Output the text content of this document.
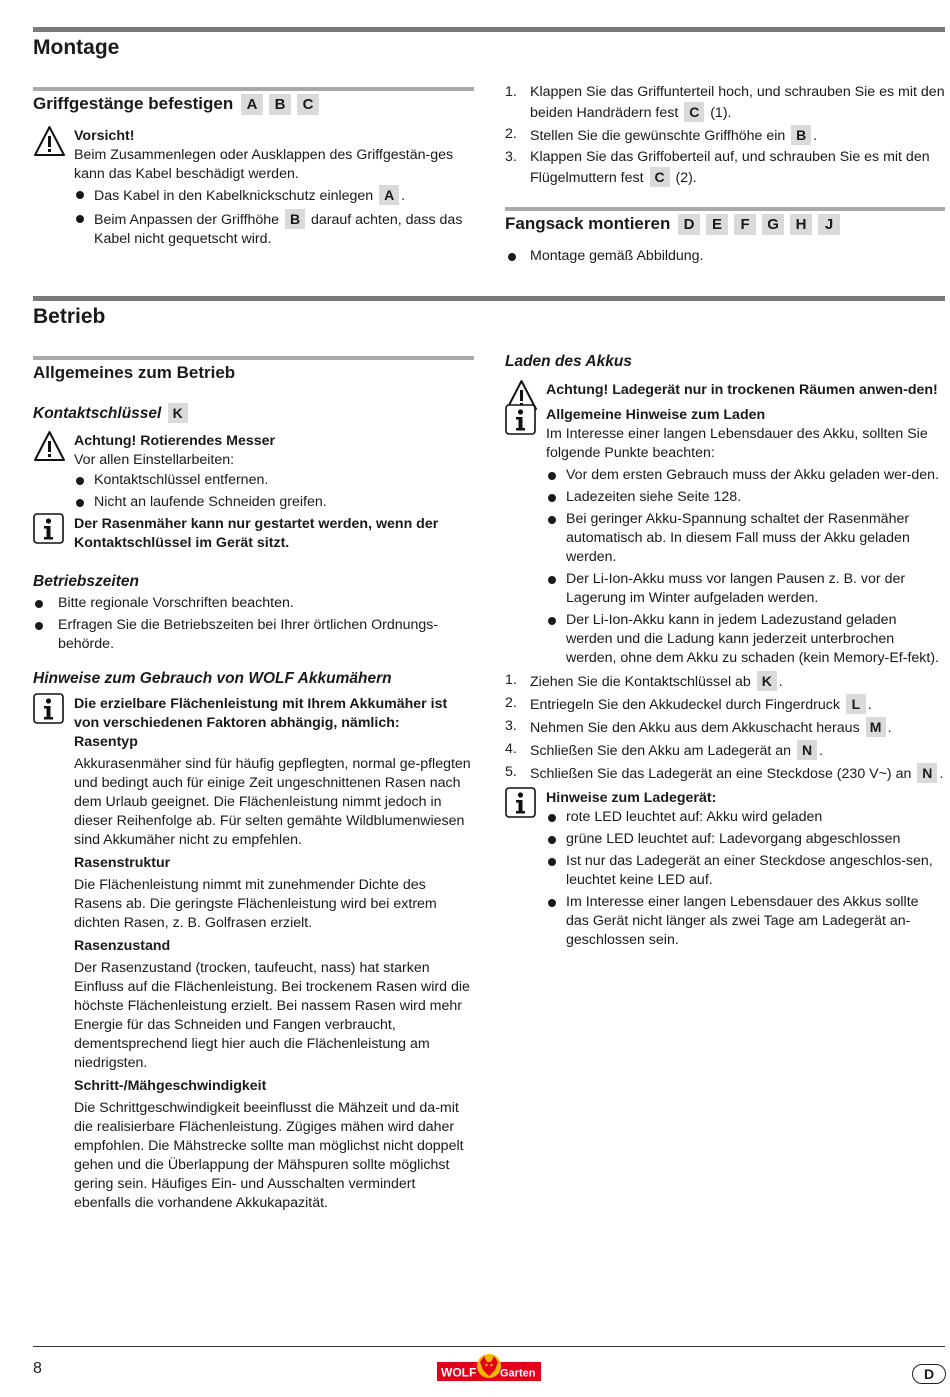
Montage
Griffgestänge befestigen A B C
Vorsicht!
Beim Zusammenlegen oder Ausklappen des Griffgestän-ges kann das Kabel beschädigt werden.
Das Kabel in den Kabelknickschutz einlegen A .
Beim Anpassen der Griffhöhe B darauf achten, dass das Kabel nicht gequetscht wird.
1. Klappen Sie das Griffunterteil hoch, und schrauben Sie es mit den beiden Handrädern fest C (1).
2. Stellen Sie die gewünschte Griffhöhe ein B .
3. Klappen Sie das Griffoberteil auf, und schrauben Sie es mit den Flügelmuttern fest C (2).
Fangsack montieren D E F G H J
Montage gemäß Abbildung.
Betrieb
Allgemeines zum Betrieb
Kontaktschlüssel K
Achtung! Rotierendes Messer
Vor allen Einstellarbeiten:
Kontaktschlüssel entfernen.
Nicht an laufende Schneiden greifen.
Der Rasenmäher kann nur gestartet werden, wenn der Kontaktschlüssel im Gerät sitzt.
Betriebszeiten
Bitte regionale Vorschriften beachten.
Erfragen Sie die Betriebszeiten bei Ihrer örtlichen Ordnungs-behörde.
Hinweise zum Gebrauch von WOLF Akkumähern
Die erzielbare Flächenleistung mit Ihrem Akkumäher ist von verschiedenen Faktoren abhängig, nämlich:
Rasentyp

Akkurasenmäher sind für häufig gepflegten, normal ge-pflegten und bedingt auch für einige Zeit ungeschnittenen Rasen nach dem Urlaub geeignet. Die Flächenleistung nimmt jedoch in dieser Reihenfolge ab. Für selten gemähte Wildblumenwiesen sind Akkumäher nicht zu empfehlen.

Rasenstruktur

Die Flächenleistung nimmt mit zunehmender Dichte des Rasens ab. Die geringste Flächenleistung wird bei extrem dichten Rasen, z. B. Golfrasen erzielt.

Rasenzustand

Der Rasenzustand (trocken, taufeucht, nass) hat starken Einfluss auf die Flächenleistung. Bei trockenem Rasen wird die höchste Flächenleistung erzielt. Bei nassem Rasen wird mehr Energie für das Schneiden und Fangen verbraucht, dementsprechend liegt hier auch die Flächenleistung am niedrigsten.

Schritt-/Mähgeschwindigkeit

Die Schrittgeschwindigkeit beeinflusst die Mähzeit und da-mit die realisierbare Flächenleistung. Zügiges mähen wird daher empfohlen. Die Mähstrecke sollte man möglichst nicht doppelt gehen und die Überlappung der Mähspuren sollte möglichst gering sein. Häufiges Ein- und Ausschalten vermindert ebenfalls die vorhandene Akkukapazität.

Laden des Akkus
Achtung! Ladegerät nur in trockenen Räumen anwen-den!
Allgemeine Hinweise zum Laden
Im Interesse einer langen Lebensdauer des Akku, sollten Sie folgende Punkte beachten:
Vor dem ersten Gebrauch muss der Akku geladen wer-den.
Ladezeiten siehe Seite 128.
Bei geringer Akku-Spannung schaltet der Rasenmäher automatisch ab. In diesem Fall muss der Akku geladen werden.
Der Li-Ion-Akku muss vor langen Pausen z. B. vor der Lagerung im Winter aufgeladen werden.
Der Li-Ion-Akku kann in jedem Ladezustand geladen werden und die Ladung kann jederzeit unterbrochen werden, ohne dem Akku zu schaden (kein Memory-Ef-fekt).
1. Ziehen Sie die Kontaktschlüssel ab K .
2. Entriegeln Sie den Akkudeckel durch Fingerdruck L .
3. Nehmen Sie den Akku aus dem Akkuschacht heraus M .
4. Schließen Sie den Akku am Ladegerät an N .
5. Schließen Sie das Ladegerät an eine Steckdose (230 V~) an N .
Hinweise zum Ladegerät:
rote LED leuchtet auf: Akku wird geladen
grüne LED leuchtet auf: Ladevorgang abgeschlossen
Ist nur das Ladegerät an einer Steckdose angeschlos-sen, leuchtet keine LED auf.
Im Interesse einer langen Lebensdauer des Akkus sollte das Gerät nicht länger als zwei Tage am Ladegerät an-geschlossen sein.
8	WOLF Garten	D
